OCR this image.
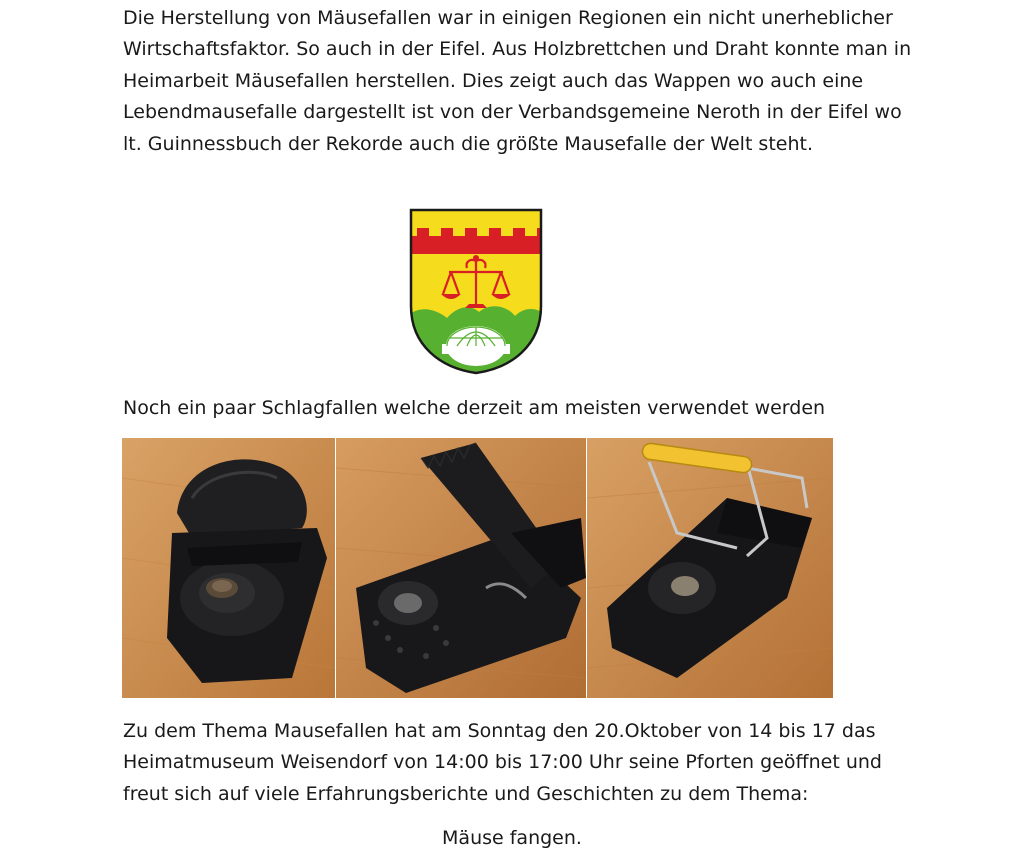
Die Herstellung von Mäusefallen war in einigen Regionen ein nicht unerheblicher Wirtschaftsfaktor. So auch in der Eifel. Aus Holzbrettchen und Draht konnte man in Heimarbeit Mäusefallen herstellen. Dies zeigt auch das Wappen wo auch eine Lebendmausefalle dargestellt ist von der Verbandsgemeine Neroth in der Eifel wo lt. Guinnessbuch der Rekorde auch die größte Mausefalle der Welt steht.

Noch ein paar Schlagfallen welche derzeit am meisten verwendet werden

Zu dem Thema Mausefallen hat am Sonntag den 20.Oktober von 14 bis 17 das Heimatmuseum Weisendorf von 14:00 bis 17:00 Uhr seine Pforten geöffnet und freut sich auf viele Erfahrungsberichte und Geschichten zu dem Thema:

Mäuse fangen.
